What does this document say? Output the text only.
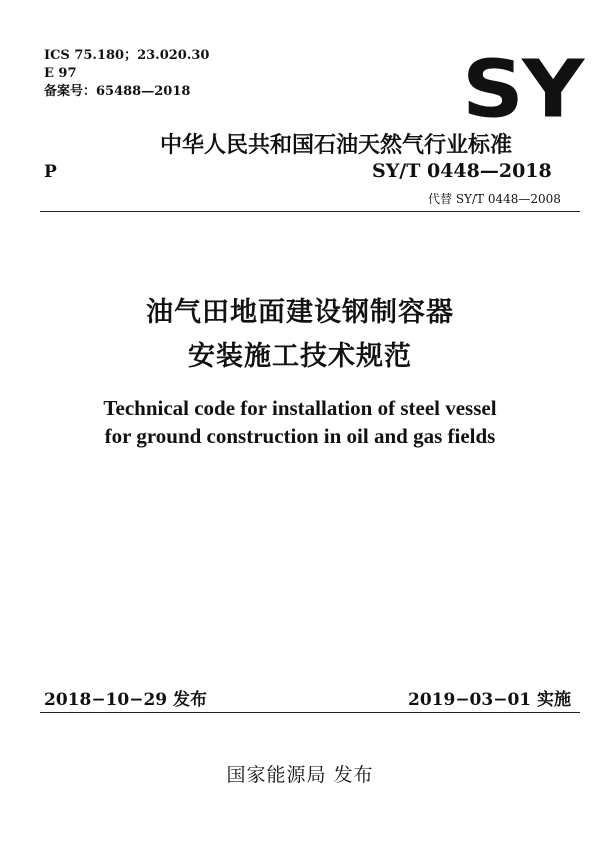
ICS 75.180；23.020.30
E 97
备案号：65488—2018	SY
中华人民共和国石油天然气行业标准
P	SY/T 0448—2018
代替 SY/T 0448—2008
油气田地面建设钢制容器
安装施工技术规范
Technical code for installation of steel vessel
for ground construction in oil and gas fields
2018−10−29 发布	2019−03−01 实施
国家能源局 发布
